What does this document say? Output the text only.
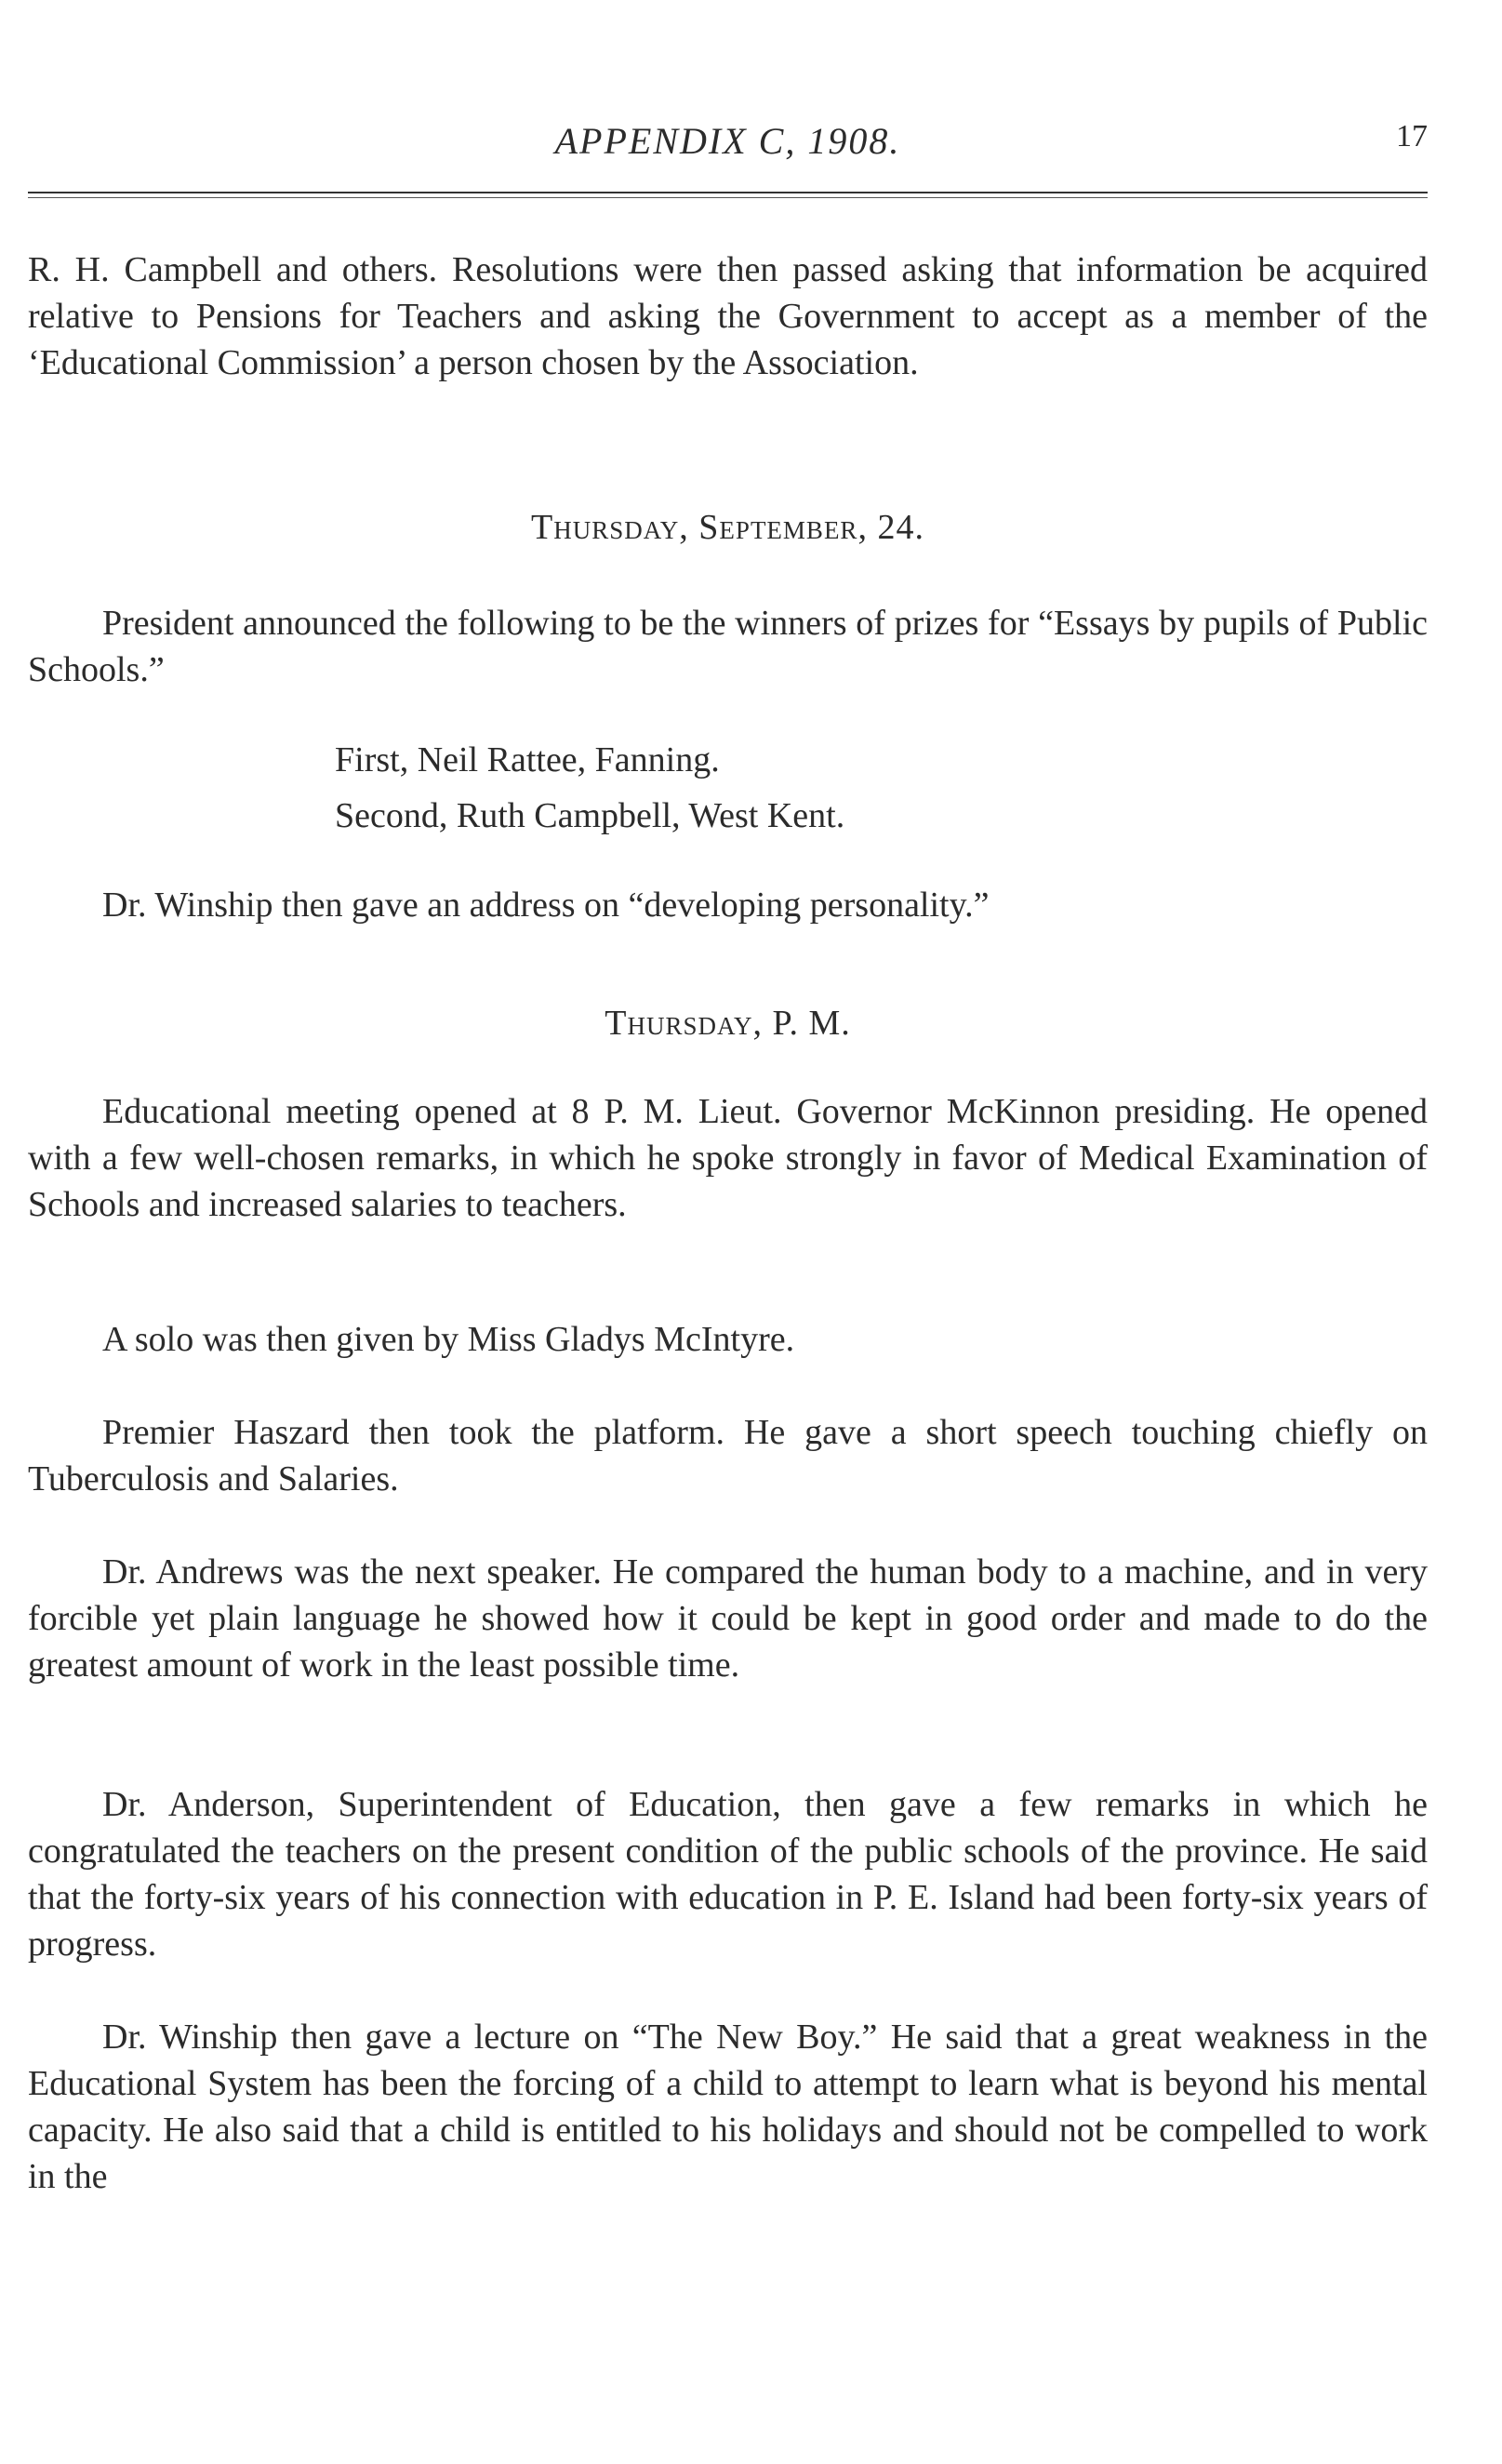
APPENDIX C, 1908.	17

R. H. Campbell and others. Resolutions were then passed asking that information be acquired relative to Pensions for Teachers and asking the Government to accept as a member of the ‘Educational Commission’ a person chosen by the Association.

Thursday, September, 24.

President announced the following to be the winners of prizes for “Essays by pupils of Public Schools.”

First, Neil Rattee, Fanning.

Second, Ruth Campbell, West Kent.

Dr. Winship then gave an address on “developing personality.”

Thursday, P. M.

Educational meeting opened at 8 P. M. Lieut. Governor McKinnon presiding. He opened with a few well-chosen remarks, in which he spoke strongly in favor of Medical Examination of Schools and increased salaries to teachers.

A solo was then given by Miss Gladys McIntyre.

Premier Haszard then took the platform. He gave a short speech touching chiefly on Tuberculosis and Salaries.

Dr. Andrews was the next speaker. He compared the human body to a machine, and in very forcible yet plain language he showed how it could be kept in good order and made to do the greatest amount of work in the least possible time.

Dr. Anderson, Superintendent of Education, then gave a few remarks in which he congratulated the teachers on the present condition of the public schools of the province. He said that the forty-six years of his connection with education in P. E. Island had been forty-six years of progress.

Dr. Winship then gave a lecture on “The New Boy.” He said that a great weakness in the Educational System has been the forcing of a child to attempt to learn what is beyond his mental capacity. He also said that a child is entitled to his holidays and should not be compelled to work in the
